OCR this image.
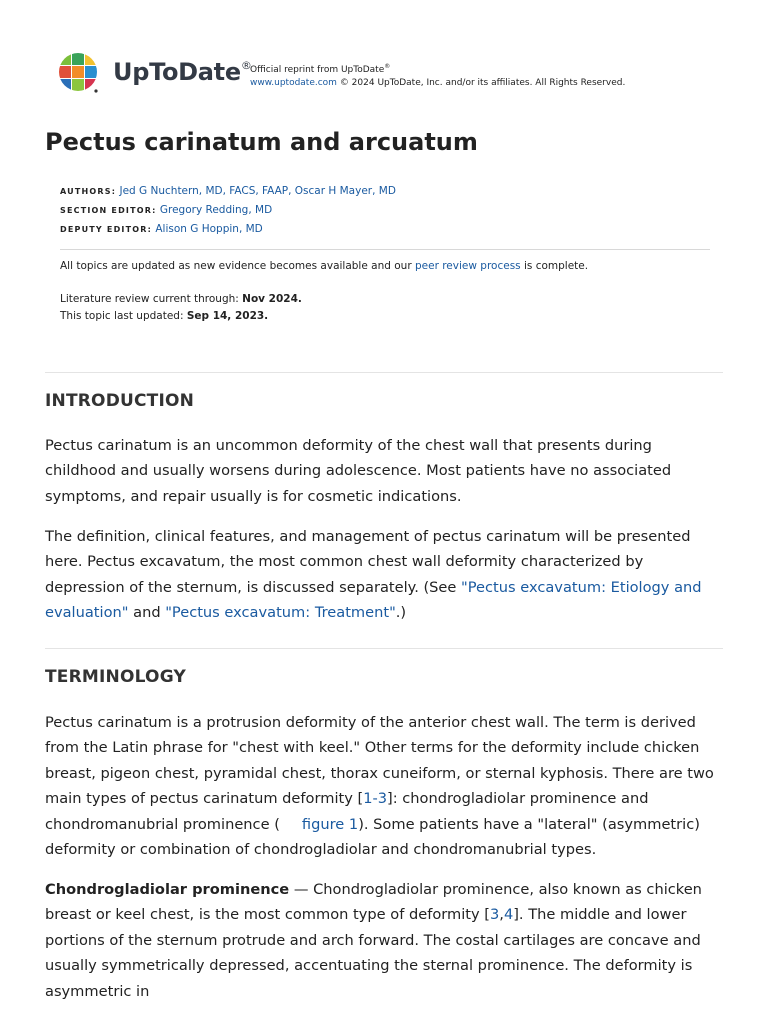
UpToDate®
Official reprint from UpToDate®
www.uptodate.com © 2024 UpToDate, Inc. and/or its affiliates. All Rights Reserved.
Pectus carinatum and arcuatum
AUTHORS: Jed G Nuchtern, MD, FACS, FAAP, Oscar H Mayer, MD
SECTION EDITOR: Gregory Redding, MD
DEPUTY EDITOR: Alison G Hoppin, MD
All topics are updated as new evidence becomes available and our peer review process is complete.
Literature review current through: Nov 2024.
This topic last updated: Sep 14, 2023.
INTRODUCTION

Pectus carinatum is an uncommon deformity of the chest wall that presents during childhood and usually worsens during adolescence. Most patients have no associated symptoms, and repair usually is for cosmetic indications.

The definition, clinical features, and management of pectus carinatum will be presented here. Pectus excavatum, the most common chest wall deformity characterized by depression of the sternum, is discussed separately. (See "Pectus excavatum: Etiology and evaluation" and "Pectus excavatum: Treatment".)

TERMINOLOGY

Pectus carinatum is a protrusion deformity of the anterior chest wall. The term is derived from the Latin phrase for "chest with keel." Other terms for the deformity include chicken breast, pigeon chest, pyramidal chest, thorax cuneiform, or sternal kyphosis. There are two main types of pectus carinatum deformity [1-3]: chondrogladiolar prominence and chondromanubrial prominence ( figure 1). Some patients have a "lateral" (asymmetric) deformity or combination of chondrogladiolar and chondromanubrial types.

Chondrogladiolar prominence — Chondrogladiolar prominence, also known as chicken breast or keel chest, is the most common type of deformity [3,4]. The middle and lower portions of the sternum protrude and arch forward. The costal cartilages are concave and usually symmetrically depressed, accentuating the sternal prominence. The deformity is asymmetric in
